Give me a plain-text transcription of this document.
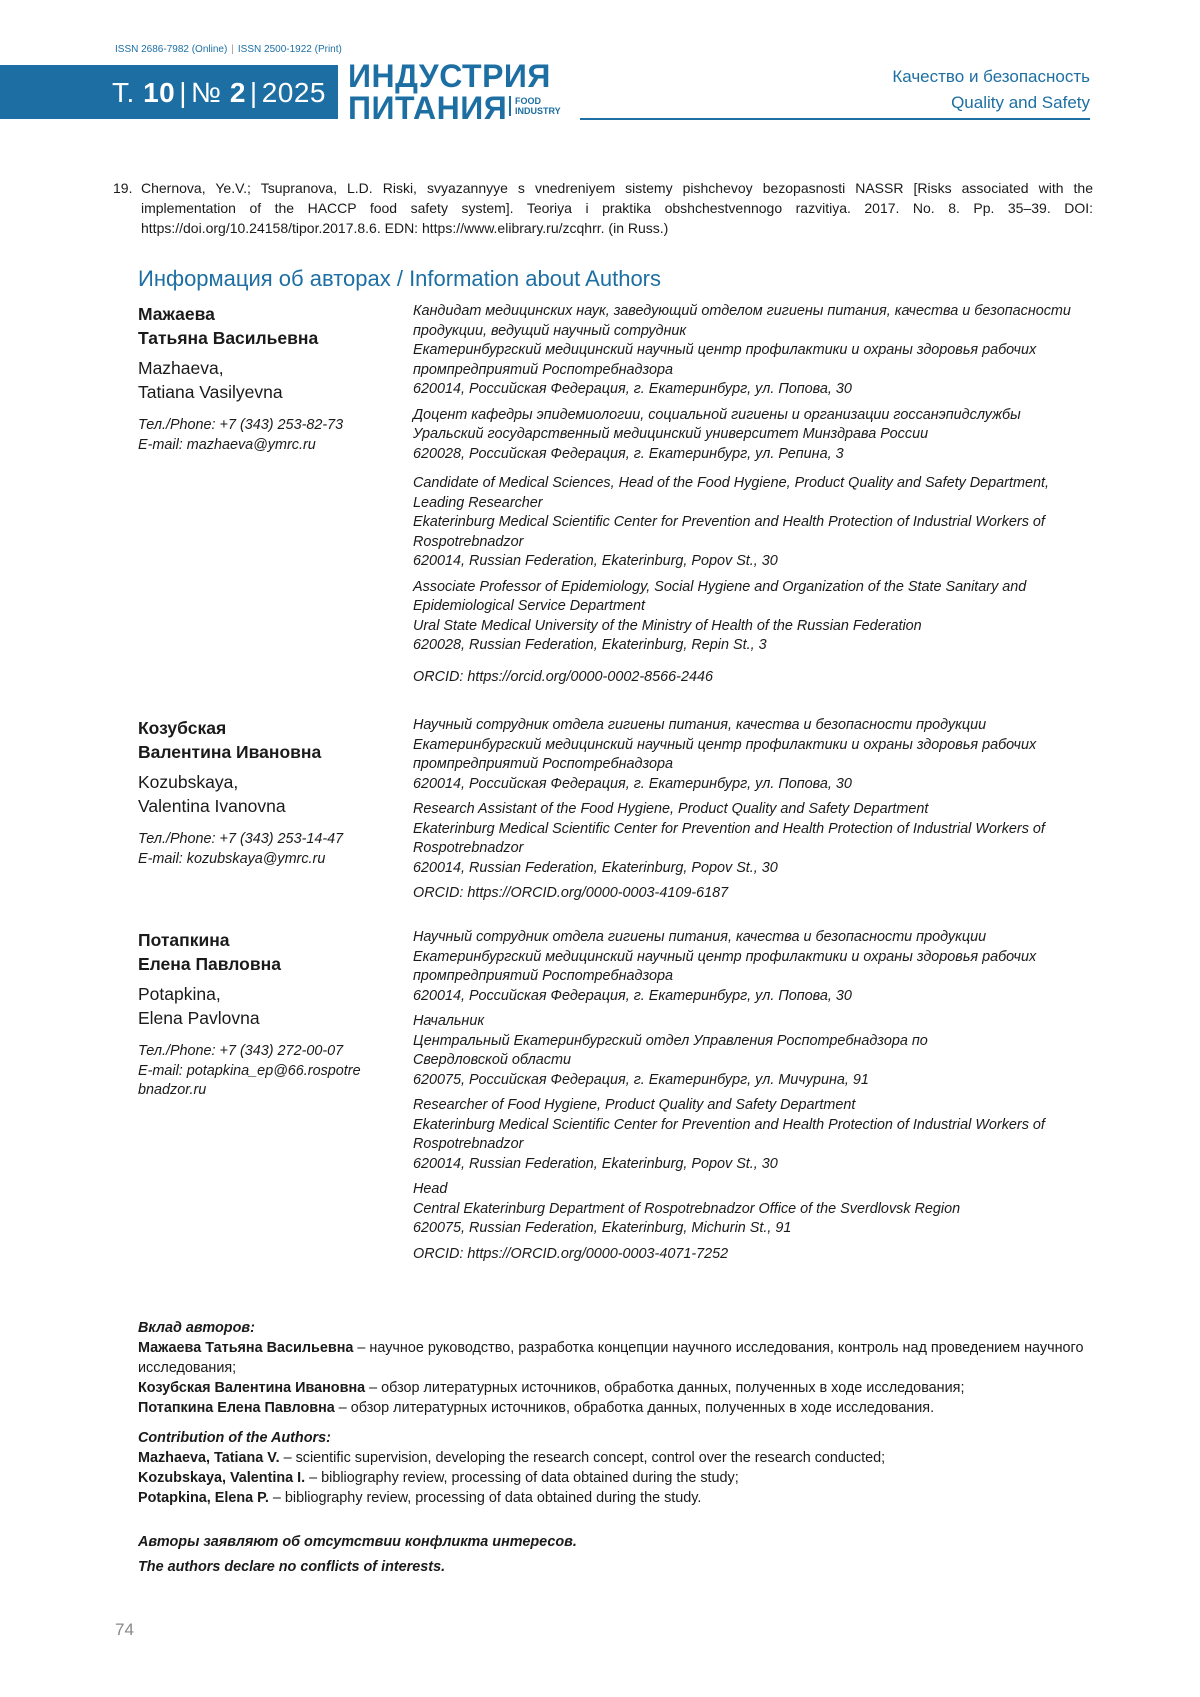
ISSN 2686-7982 (Online) | ISSN 2500-1922 (Print)
Т. 10 | № 2 | 2025 ИНДУСТРИЯ
ПИТАНИЯ FOOD
INDUSTRY
Качество и безопасность
Quality and Safety
19. Chernova, Ye.V.; Tsupranova, L.D. Riski, svyazannyye s vnedreniyem sistemy pishchevoy bezopasnosti NASSR [Risks associated with the implementation of the HACCP food safety system]. Teoriya i praktika obshchestvennogo razvitiya. 2017. No. 8. Pp. 35–39. DOI: https://doi.org/10.24158/tipor.2017.8.6. EDN: https://www.elibrary.ru/zcqhrr. (in Russ.)
Информация об авторах / Information about Authors
Мажаева
Татьяна Васильевна
Mazhaeva,
Tatiana Vasilyevna
Тел./Phone: +7 (343) 253-82-73
E-mail: mazhaeva@ymrc.ru
Кандидат медицинских наук, заведующий отделом гигиены питания, качества и безопасности продукции, ведущий научный сотрудник
Екатеринбургский медицинский научный центр профилактики и охраны здоровья рабочих промпредприятий Роспотребнадзора
620014, Российская Федерация, г. Екатеринбург, ул. Попова, 30
Доцент кафедры эпидемиологии, социальной гигиены и организации госсанэпидслужбы
Уральский государственный медицинский университет Минздрава России
620028, Российская Федерация, г. Екатеринбург, ул. Репина, 3
Candidate of Medical Sciences, Head of the Food Hygiene, Product Quality and Safety Department, Leading Researcher
Ekaterinburg Medical Scientific Center for Prevention and Health Protection of Industrial Workers of Rospotrebnadzor
620014, Russian Federation, Ekaterinburg, Popov St., 30
Associate Professor of Epidemiology, Social Hygiene and Organization of the State Sanitary and Epidemiological Service Department
Ural State Medical University of the Ministry of Health of the Russian Federation
620028, Russian Federation, Ekaterinburg, Repin St., 3
ORCID: https://orcid.org/0000-0002-8566-2446
Козубская
Валентина Ивановна
Kozubskaya,
Valentina Ivanovna
Тел./Phone: +7 (343) 253-14-47
E-mail: kozubskaya@ymrc.ru
Научный сотрудник отдела гигиены питания, качества и безопасности продукции
Екатеринбургский медицинский научный центр профилактики и охраны здоровья рабочих промпредприятий Роспотребнадзора
620014, Российская Федерация, г. Екатеринбург, ул. Попова, 30
Research Assistant of the Food Hygiene, Product Quality and Safety Department
Ekaterinburg Medical Scientific Center for Prevention and Health Protection of Industrial Workers of Rospotrebnadzor
620014, Russian Federation, Ekaterinburg, Popov St., 30
ORCID: https://ORCID.org/0000-0003-4109-6187
Потапкина
Елена Павловна
Potapkina,
Elena Pavlovna
Тел./Phone: +7 (343) 272-00-07
E-mail: potapkina_ep@66.rospotrebnadzor.ru
Научный сотрудник отдела гигиены питания, качества и безопасности продукции
Екатеринбургский медицинский научный центр профилактики и охраны здоровья рабочих промпредприятий Роспотребнадзора
620014, Российская Федерация, г. Екатеринбург, ул. Попова, 30
Начальник
Центральный Екатеринбургский отдел Управления Роспотребнадзора по Свердловской области
620075, Российская Федерация, г. Екатеринбург, ул. Мичурина, 91
Researcher of Food Hygiene, Product Quality and Safety Department
Ekaterinburg Medical Scientific Center for Prevention and Health Protection of Industrial Workers of Rospotrebnadzor
620014, Russian Federation, Ekaterinburg, Popov St., 30
Head
Central Ekaterinburg Department of Rospotrebnadzor Office of the Sverdlovsk Region
620075, Russian Federation, Ekaterinburg, Michurin St., 91
ORCID: https://ORCID.org/0000-0003-4071-7252
Вклад авторов:
Мажаева Татьяна Васильевна – научное руководство, разработка концепции научного исследования, контроль над проведением научного исследования;
Козубская Валентина Ивановна – обзор литературных источников, обработка данных, полученных в ходе исследования;
Потапкина Елена Павловна – обзор литературных источников, обработка данных, полученных в ходе исследования.
Contribution of the Authors:
Mazhaeva, Tatiana V. – scientific supervision, developing the research concept, control over the research conducted;
Kozubskaya, Valentina I. – bibliography review, processing of data obtained during the study;
Potapkina, Elena P. – bibliography review, processing of data obtained during the study.
Авторы заявляют об отсутствии конфликта интересов.
The authors declare no conflicts of interests.
74
